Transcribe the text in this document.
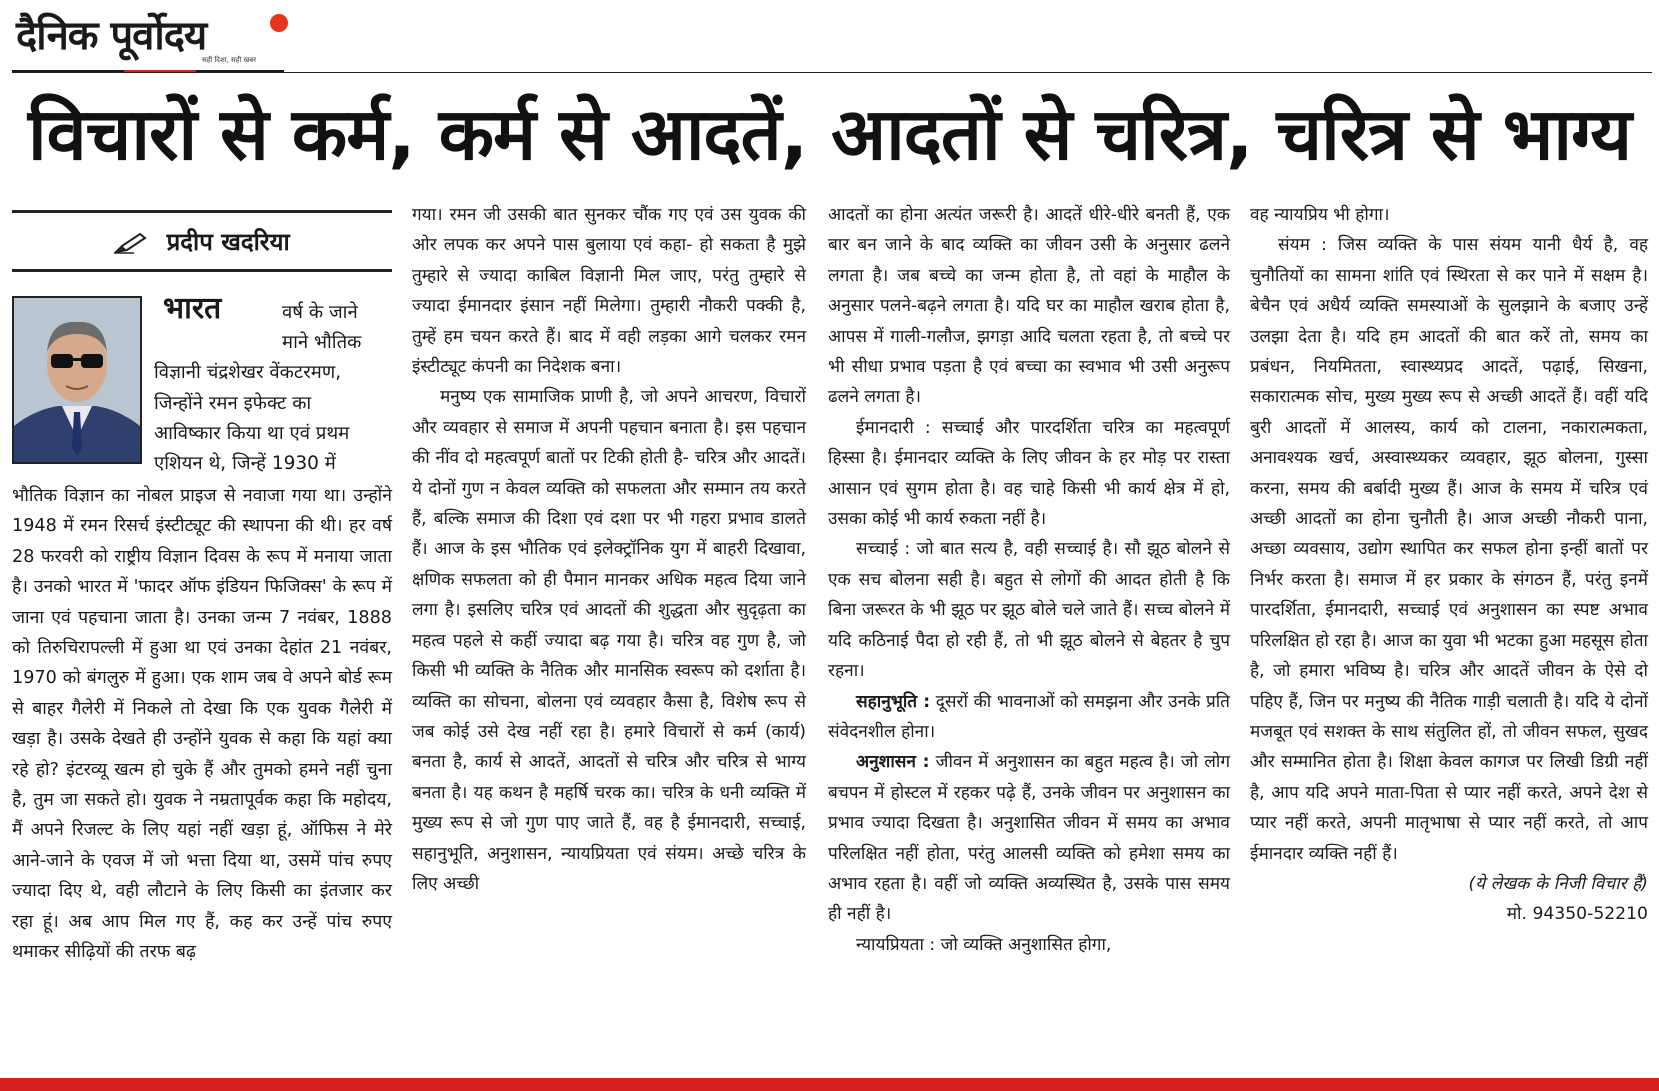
दैनिक पूर्वोदय
सही दिशा, सही खबर
विचारों से कर्म, कर्म से आदतें, आदतों से चरित्र, चरित्र से भाग्य
प्रदीप खदरिया
भारत	वर्ष के जाने
माने भौतिक
विज्ञानी चंद्रशेखर वेंकटरमण,
जिन्होंने रमन इफेक्ट का
आविष्कार किया था एवं प्रथम
एशियन थे, जिन्हें 1930 में

भौतिक विज्ञान का नोबल प्राइज से नवाजा गया था। उन्होंने 1948 में रमन रिसर्च इंस्टीट्यूट की स्थापना की थी। हर वर्ष 28 फरवरी को राष्ट्रीय विज्ञान दिवस के रूप में मनाया जाता है। उनको भारत में 'फादर ऑफ इंडियन फिजिक्स' के रूप में जाना एवं पहचाना जाता है। उनका जन्म 7 नवंबर, 1888 को तिरुचिरापल्ली में हुआ था एवं उनका देहांत 21 नवंबर, 1970 को बंगलुरु में हुआ। एक शाम जब वे अपने बोर्ड रूम से बाहर गैलेरी में निकले तो देखा कि एक युवक गैलेरी में खड़ा है। उसके देखते ही उन्होंने युवक से कहा कि यहां क्या रहे हो? इंटरव्यू खत्म हो चुके हैं और तुमको हमने नहीं चुना है, तुम जा सकते हो। युवक ने नम्रतापूर्वक कहा कि महोदय, मैं अपने रिजल्ट के लिए यहां नहीं खड़ा हूं, ऑफिस ने मेरे आने-जाने के एवज में जो भत्ता दिया था, उसमें पांच रुपए ज्यादा दिए थे, वही लौटाने के लिए किसी का इंतजार कर रहा हूं। अब आप मिल गए हैं, कह कर उन्हें पांच रुपए थमाकर सीढ़ियों की तरफ बढ़

गया। रमन जी उसकी बात सुनकर चौंक गए एवं उस युवक की ओर लपक कर अपने पास बुलाया एवं कहा- हो सकता है मुझे तुम्हारे से ज्यादा काबिल विज्ञानी मिल जाए, परंतु तुम्हारे से ज्यादा ईमानदार इंसान नहीं मिलेगा। तुम्हारी नौकरी पक्की है, तुम्हें हम चयन करते हैं। बाद में वही लड़का आगे चलकर रमन इंस्टीट्यूट कंपनी का निदेशक बना।

मनुष्य एक सामाजिक प्राणी है, जो अपने आचरण, विचारों और व्यवहार से समाज में अपनी पहचान बनाता है। इस पहचान की नींव दो महत्वपूर्ण बातों पर टिकी होती है- चरित्र और आदतें। ये दोनों गुण न केवल व्यक्ति को सफलता और सम्मान तय करते हैं, बल्कि समाज की दिशा एवं दशा पर भी गहरा प्रभाव डालते हैं। आज के इस भौतिक एवं इलेक्ट्रॉनिक युग में बाहरी दिखावा, क्षणिक सफलता को ही पैमान मानकर अधिक महत्व दिया जाने लगा है। इसलिए चरित्र एवं आदतों की शुद्धता और सुदृढ़ता का महत्व पहले से कहीं ज्यादा बढ़ गया है। चरित्र वह गुण है, जो किसी भी व्यक्ति के नैतिक और मानसिक स्वरूप को दर्शाता है। व्यक्ति का सोचना, बोलना एवं व्यवहार कैसा है, विशेष रूप से जब कोई उसे देख नहीं रहा है। हमारे विचारों से कर्म (कार्य) बनता है, कार्य से आदतें, आदतों से चरित्र और चरित्र से भाग्य बनता है। यह कथन है महर्षि चरक का। चरित्र के धनी व्यक्ति में मुख्य रूप से जो गुण पाए जाते हैं, वह है ईमानदारी, सच्चाई, सहानुभूति, अनुशासन, न्यायप्रियता एवं संयम। अच्छे चरित्र के लिए अच्छी

आदतों का होना अत्यंत जरूरी है। आदतें धीरे-धीरे बनती हैं, एक बार बन जाने के बाद व्यक्ति का जीवन उसी के अनुसार ढलने लगता है। जब बच्चे का जन्म होता है, तो वहां के माहौल के अनुसार पलने-बढ़ने लगता है। यदि घर का माहौल खराब होता है, आपस में गाली-गलौज, झगड़ा आदि चलता रहता है, तो बच्चे पर भी सीधा प्रभाव पड़ता है एवं बच्चा का स्वभाव भी उसी अनुरूप ढलने लगता है।

ईमानदारी : सच्चाई और पारदर्शिता चरित्र का महत्वपूर्ण हिस्सा है। ईमानदार व्यक्ति के लिए जीवन के हर मोड़ पर रास्ता आसान एवं सुगम होता है। वह चाहे किसी भी कार्य क्षेत्र में हो, उसका कोई भी कार्य रुकता नहीं है।

सच्चाई : जो बात सत्य है, वही सच्चाई है। सौ झूठ बोलने से एक सच बोलना सही है। बहुत से लोगों की आदत होती है कि बिना जरूरत के भी झूठ पर झूठ बोले चले जाते हैं। सच्च बोलने में यदि कठिनाई पैदा हो रही हैं, तो भी झूठ बोलने से बेहतर है चुप रहना।

सहानुभूति : दूसरों की भावनाओं को समझना और उनके प्रति संवेदनशील होना।

अनुशासन : जीवन में अनुशासन का बहुत महत्व है। जो लोग बचपन में होस्टल में रहकर पढ़े हैं, उनके जीवन पर अनुशासन का प्रभाव ज्यादा दिखता है। अनुशासित जीवन में समय का अभाव परिलक्षित नहीं होता, परंतु आलसी व्यक्ति को हमेशा समय का अभाव रहता है। वहीं जो व्यक्ति अव्यस्थित है, उसके पास समय ही नहीं है।

न्यायप्रियता : जो व्यक्ति अनुशासित होगा,

वह न्यायप्रिय भी होगा।

संयम : जिस व्यक्ति के पास संयम यानी धैर्य है, वह चुनौतियों का सामना शांति एवं स्थिरता से कर पाने में सक्षम है। बेचैन एवं अधैर्य व्यक्ति समस्याओं के सुलझाने के बजाए उन्हें उलझा देता है। यदि हम आदतों की बात करें तो, समय का प्रबंधन, नियमितता, स्वास्थ्यप्रद आदतें, पढ़ाई, सिखना, सकारात्मक सोच, मुख्य मुख्य रूप से अच्छी आदतें हैं। वहीं यदि बुरी आदतों में आलस्य, कार्य को टालना, नकारात्मकता, अनावश्यक खर्च, अस्वास्थ्यकर व्यवहार, झूठ बोलना, गुस्सा करना, समय की बर्बादी मुख्य हैं। आज के समय में चरित्र एवं अच्छी आदतों का होना चुनौती है। आज अच्छी नौकरी पाना, अच्छा व्यवसाय, उद्योग स्थापित कर सफल होना इन्हीं बातों पर निर्भर करता है। समाज में हर प्रकार के संगठन हैं, परंतु इनमें पारदर्शिता, ईमानदारी, सच्चाई एवं अनुशासन का स्पष्ट अभाव परिलक्षित हो रहा है। आज का युवा भी भटका हुआ महसूस होता है, जो हमारा भविष्य है। चरित्र और आदतें जीवन के ऐसे दो पहिए हैं, जिन पर मनुष्य की नैतिक गाड़ी चलाती है। यदि ये दोनों मजबूत एवं सशक्त के साथ संतुलित हों, तो जीवन सफल, सुखद और सम्मानित होता है। शिक्षा केवल कागज पर लिखी डिग्री नहीं है, आप यदि अपने माता-पिता से प्यार नहीं करते, अपने देश से प्यार नहीं करते, अपनी मातृभाषा से प्यार नहीं करते, तो आप ईमानदार व्यक्ति नहीं हैं।

(ये लेखक के निजी विचार हैं)

मो. 94350-52210
